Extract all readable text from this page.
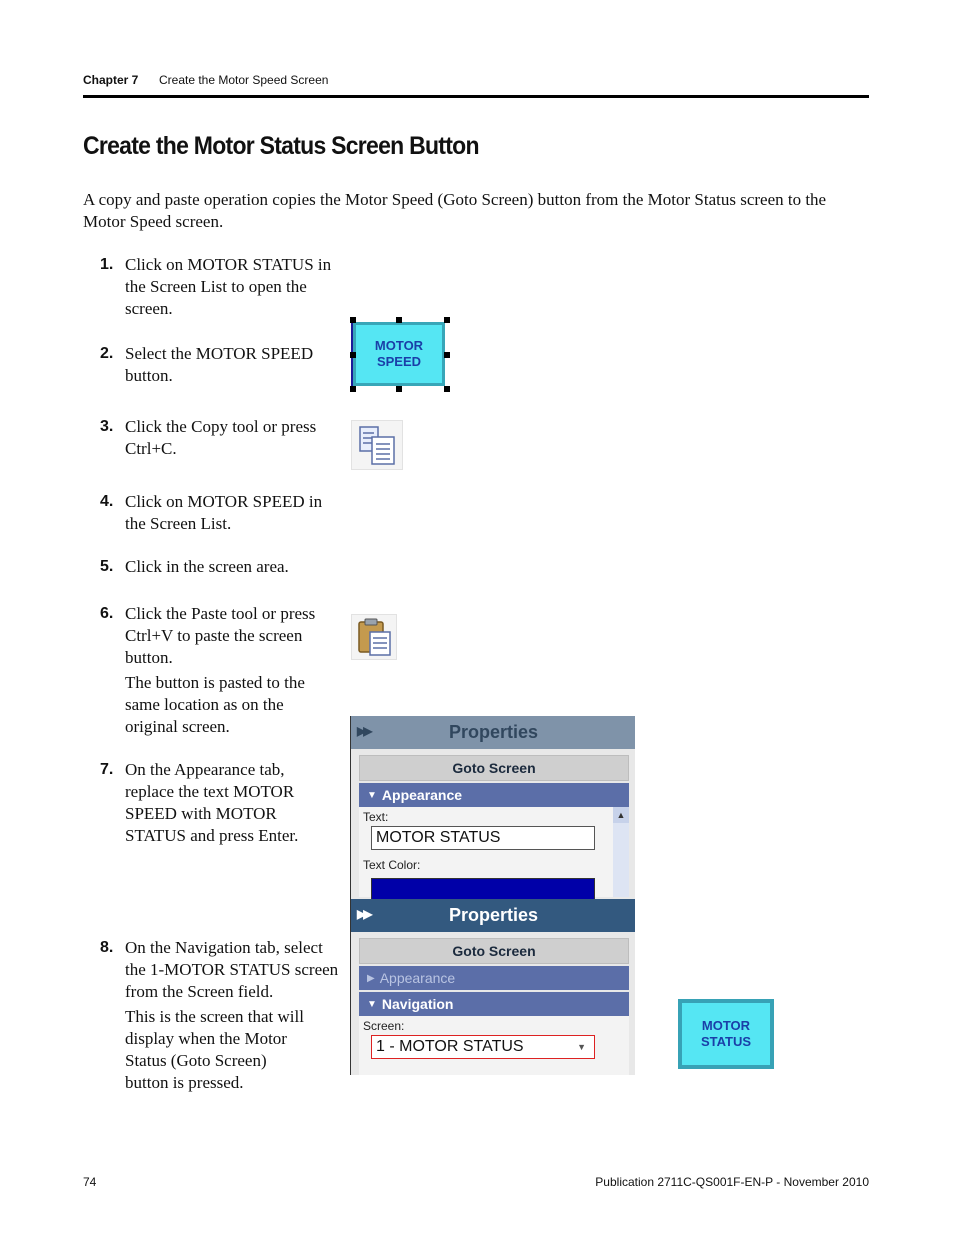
Chapter 7 Create the Motor Speed Screen
Create the Motor Status Screen Button

A copy and paste operation copies the Motor Speed (Goto Screen) button from the Motor Status screen to the Motor Speed screen.

1. Click on MOTOR STATUS in the Screen List to open the screen.
2. Select the MOTOR SPEED button.
3. Click the Copy tool or press Ctrl+C.
4. Click on MOTOR SPEED in the Screen List.
5. Click in the screen area.
6. Click the Paste tool or press Ctrl+V to paste the screen button.
The button is pasted to the same location as on the original screen.
7. On the Appearance tab, replace the text MOTOR SPEED with MOTOR STATUS and press Enter.
8. On the Navigation tab, select the 1-MOTOR STATUS screen from the Screen field.
This is the screen that will display when the Motor Status (Goto Screen) button is pressed.
MOTOR
SPEED
▶▶	Properties
Goto Screen
▼ Appearance
Text:
MOTOR STATUS
Text Color:
▲
▶▶	Properties
Goto Screen
▶ Appearance
▼ Navigation
Screen:
1 - MOTOR STATUS	▼
MOTOR
STATUS
74	Publication 2711C-QS001F-EN-P - November 2010
